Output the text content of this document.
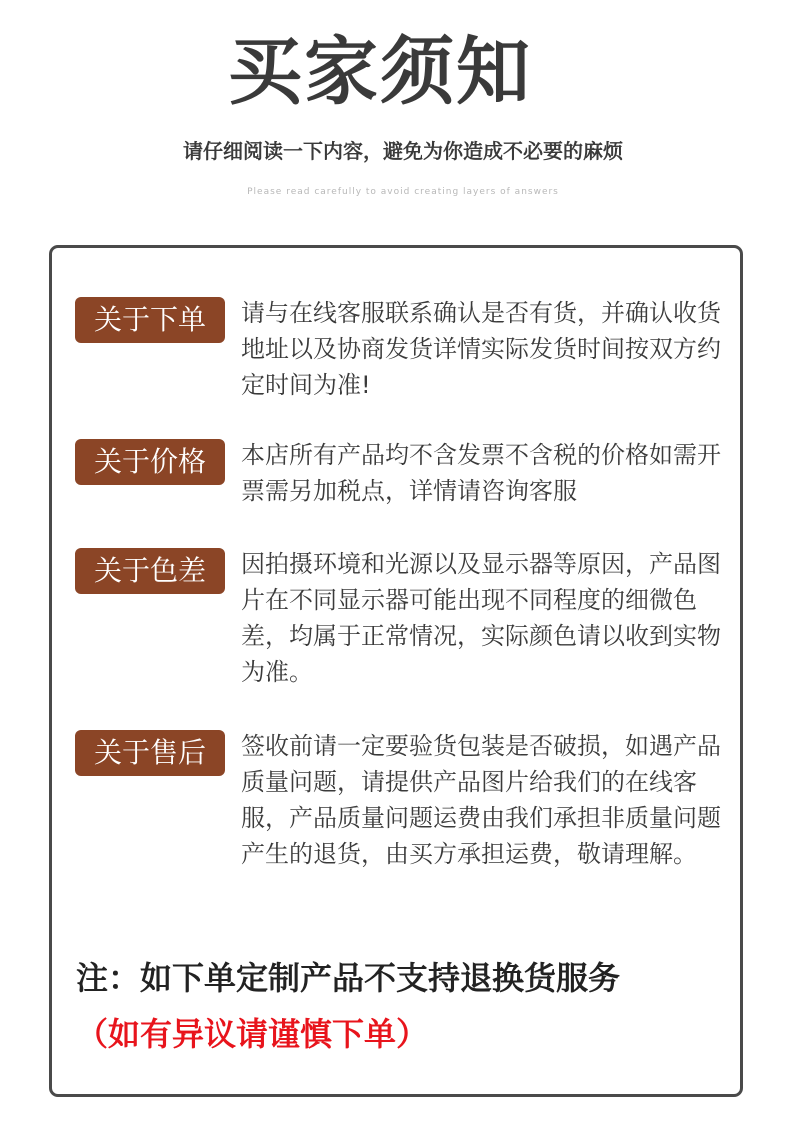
买家须知
请仔细阅读一下内容，避免为你造成不必要的麻烦
Please read carefully to avoid creating layers of answers
关于下单	请与在线客服联系确认是否有货，并确认收货地址以及协商发货详情实际发货时间按双方约定时间为准!

关于价格	本店所有产品均不含发票不含税的价格如需开票需另加税点，详情请咨询客服

关于色差	因拍摄环境和光源以及显示器等原因，产品图片在不同显示器可能出现不同程度的细微色差，均属于正常情况，实际颜色请以收到实物为准。

关于售后	签收前请一定要验货包装是否破损，如遇产品质量问题，请提供产品图片给我们的在线客服，产品质量问题运费由我们承担非质量问题产生的退货，由买方承担运费，敬请理解。

注：如下单定制产品不支持退换货服务
（如有异议请谨慎下单）
